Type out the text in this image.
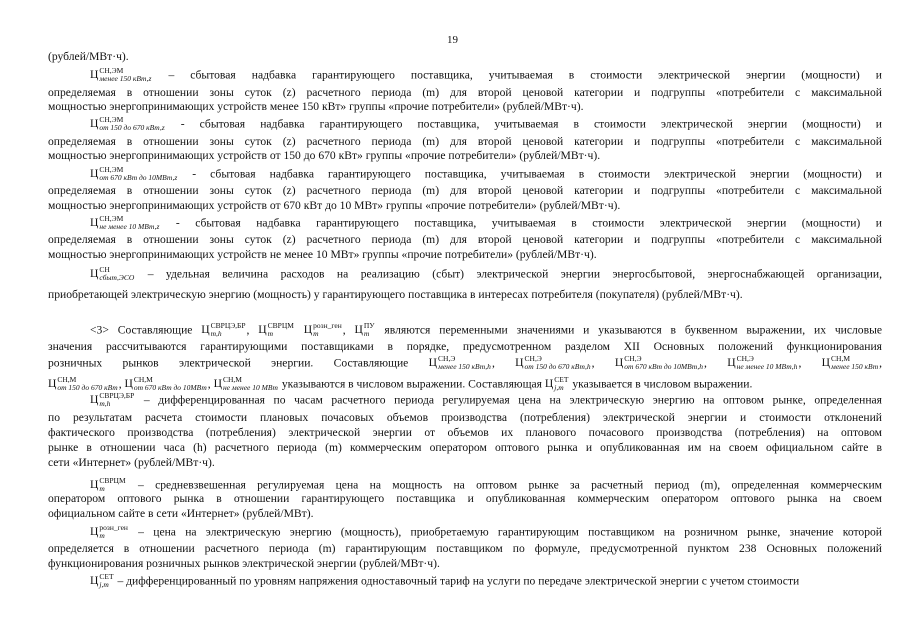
19
(рублей/МВт·ч).
Ц СН,ЭМ
менее 150 кВт,z – сбытовая надбавка гарантирующего поставщика, учитываемая в стоимости электрической энергии (мощности) и
определяемая в отношении зоны суток (z) расчетного периода (m) для второй ценовой категории и подгруппы «потребители с максимальной
мощностью энергопринимающих устройств менее 150 кВт» группы «прочие потребители» (рублей/МВт·ч).
Ц СН,ЭМ
от 150 до 670 кВт,z - сбытовая надбавка гарантирующего поставщика, учитываемая в стоимости электрической энергии (мощности) и
определяемая в отношении зоны суток (z) расчетного периода (m) для второй ценовой категории и подгруппы «потребители с максимальной
мощностью энергопринимающих устройств от 150 до 670 кВт» группы «прочие потребители» (рублей/МВт·ч).
Ц СН,ЭМ
от 670 кВт до 10МВт,z - сбытовая надбавка гарантирующего поставщика, учитываемая в стоимости электрической энергии (мощности) и
определяемая в отношении зоны суток (z) расчетного периода (m) для второй ценовой категории и подгруппы «потребители с максимальной
мощностью энергопринимающих устройств от 670 кВт до 10 МВт» группы «прочие потребители» (рублей/МВт·ч).
Ц СН,ЭМ
не менее 10 МВт,z - сбытовая надбавка гарантирующего поставщика, учитываемая в стоимости электрической энергии (мощности) и
определяемая в отношении зоны суток (z) расчетного периода (m) для второй ценовой категории и подгруппы «потребители с максимальной
мощностью энергопринимающих устройств не менее 10 МВт» группы «прочие потребители» (рублей/МВт·ч).
Ц СН
сбыт,ЭСО – удельная величина расходов на реализацию (сбыт) электрической энергии энергосбытовой, энергоснабжающей организации,
приобретающей электрическую энергию (мощность) у гарантирующего поставщика в интересах потребителя (покупателя) (рублей/МВт·ч).
<3> Составляющие Ц СВРЦЭ,БР
m,h	, Ц СВРЦМ
m	Ц розн_ген
m	, Ц ПУ
m являются переменными значениями и указываются в буквенном выражении, их числовые
значения рассчитываются гарантирующими поставщиками в порядке, предусмотренном разделом XII Основных положений функционирования
розничных рынков электрической энергии. Составляющие Ц СН,Э
менее 150 кВт,h , Ц СН,Э
от 150 до 670 кВт,h , Ц СН,Э
от 670 кВт до 10МВт,h , Ц СН,Э
не менее 10 МВт,h , Ц СН,М
менее 150 кВт ,
Ц СН,М
от 150 до 670 кВт , Ц СН,М
от 670 кВт до 10МВт , Ц СН,М
не менее 10 МВт указываются в числовом выражении. Составляющая Ц СЕТ
j,m указывается в числовом выражении.
Ц СВРЦЭ,БР
m,h	– дифференцированная по часам расчетного периода регулируемая цена на электрическую энергию на оптовом рынке, определенная
по результатам расчета стоимости плановых почасовых объемов производства (потребления) электрической энергии и стоимости отклонений
фактического производства (потребления) электрической энергии от объемов их планового почасового производства (потребления) на оптовом
рынке в отношении часа (h) расчетного периода (m) коммерческим оператором оптового рынка и опубликованная им на своем официальном сайте в
сети «Интернет» (рублей/МВт·ч).
Ц СВРЦМ
m	– средневзвешенная регулируемая цена на мощность на оптовом рынке за расчетный период (m), определенная коммерческим
оператором оптового рынка в отношении гарантирующего поставщика и опубликованная коммерческим оператором оптового рынка на своем
официальном сайте в сети «Интернет» (рублей/МВт).
Ц розн_ген
m	– цена на электрическую энергию (мощность), приобретаемую гарантирующим поставщиком на розничном рынке, значение которой
определяется в отношении расчетного периода (m) гарантирующим поставщиком по формуле, предусмотренной пунктом 238 Основных положений
функционирования розничных рынков электрической энергии (рублей/МВт·ч).
Ц СЕТ
j,m – дифференцированный по уровням напряжения одноставочный тариф на услуги по передаче электрической энергии с учетом стоимости
